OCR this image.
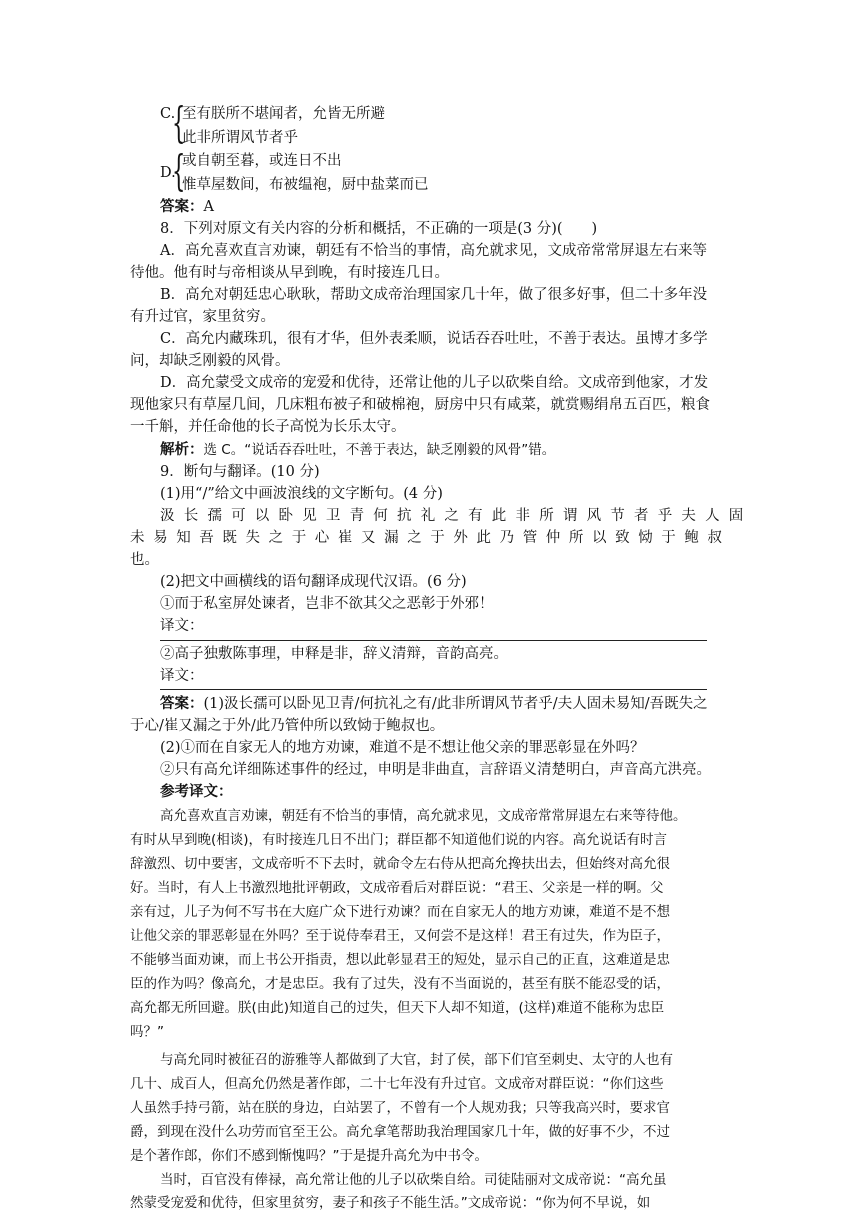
C.
{
至有朕所不堪闻者，允皆无所避
此非所谓风节者乎
D.
{
或自朝至暮，或连日不出
惟草屋数间，布被缊袍，厨中盐菜而已
答案：A
8．下列对原文有关内容的分析和概括，不正确的一项是(3 分)(　　)
A．高允喜欢直言劝谏，朝廷有不恰当的事情，高允就求见，文成帝常常屏退左右来等
待他。他有时与帝相谈从早到晚，有时接连几日。
B．高允对朝廷忠心耿耿，帮助文成帝治理国家几十年，做了很多好事，但二十多年没
有升过官，家里贫穷。
C．高允内藏珠玑，很有才华，但外表柔顺，说话吞吞吐吐，不善于表达。虽博才多学
问，却缺乏刚毅的风骨。
D．高允蒙受文成帝的宠爱和优待，还常让他的儿子以砍柴自给。文成帝到他家，才发
现他家只有草屋几间，几床粗布被子和破棉袍，厨房中只有咸菜，就赏赐绢帛五百匹，粮食
一千斛，并任命他的长子高悦为长乐太守。
解析：选 C。“说话吞吞吐吐，不善于表达，缺乏刚毅的风骨”错。
9．断句与翻译。(10 分)
(1)用“/”给文中画波浪线的文字断句。(4 分)
汲长孺可以卧见卫青何抗礼之有此非所谓风节者乎夫人固
未易知吾既失之于心崔又漏之于外此乃管仲所以致恸于鲍叔
也。
(2)把文中画横线的语句翻译成现代汉语。(6 分)
①而于私室屏处谏者，岂非不欲其父之恶彰于外邪！
译文：
②高子独敷陈事理，申释是非，辞义清辩，音韵高亮。
译文：
答案：(1)汲长孺可以卧见卫青/何抗礼之有/此非所谓风节者乎/夫人固未易知/吾既失之
于心/崔又漏之于外/此乃管仲所以致恸于鲍叔也。
(2)①而在自家无人的地方劝谏，难道不是不想让他父亲的罪恶彰显在外吗？
②只有高允详细陈述事件的经过，申明是非曲直，言辞语义清楚明白，声音高亢洪亮。
参考译文：
高允喜欢直言劝谏，朝廷有不恰当的事情，高允就求见，文成帝常常屏退左右来等待他。
有时从早到晚(相谈)，有时接连几日不出门；群臣都不知道他们说的内容。高允说话有时言
辞激烈、切中要害，文成帝听不下去时，就命令左右侍从把高允搀扶出去，但始终对高允很
好。当时，有人上书激烈地批评朝政，文成帝看后对群臣说：“君王、父亲是一样的啊。父
亲有过，儿子为何不写书在大庭广众下进行劝谏？而在自家无人的地方劝谏，难道不是不想
让他父亲的罪恶彰显在外吗？至于说侍奉君王，又何尝不是这样！君王有过失，作为臣子，
不能够当面劝谏，而上书公开指责，想以此彰显君王的短处，显示自己的正直，这难道是忠
臣的作为吗？像高允，才是忠臣。我有了过失，没有不当面说的，甚至有朕不能忍受的话，
高允都无所回避。朕(由此)知道自己的过失，但天下人却不知道，(这样)难道不能称为忠臣
吗？”
与高允同时被征召的游雅等人都做到了大官，封了侯，部下们官至刺史、太守的人也有
几十、成百人，但高允仍然是著作郎，二十七年没有升过官。文成帝对群臣说：“你们这些
人虽然手持弓箭，站在朕的身边，白站罢了，不曾有一个人规劝我；只等我高兴时，要求官
爵，到现在没什么功劳而官至王公。高允拿笔帮助我治理国家几十年，做的好事不少，不过
是个著作郎，你们不感到惭愧吗？”于是提升高允为中书令。
当时，百官没有俸禄，高允常让他的儿子以砍柴自给。司徒陆丽对文成帝说：“高允虽
然蒙受宠爱和优待，但家里贫穷，妻子和孩子不能生活。”文成帝说：“你为何不早说，如
